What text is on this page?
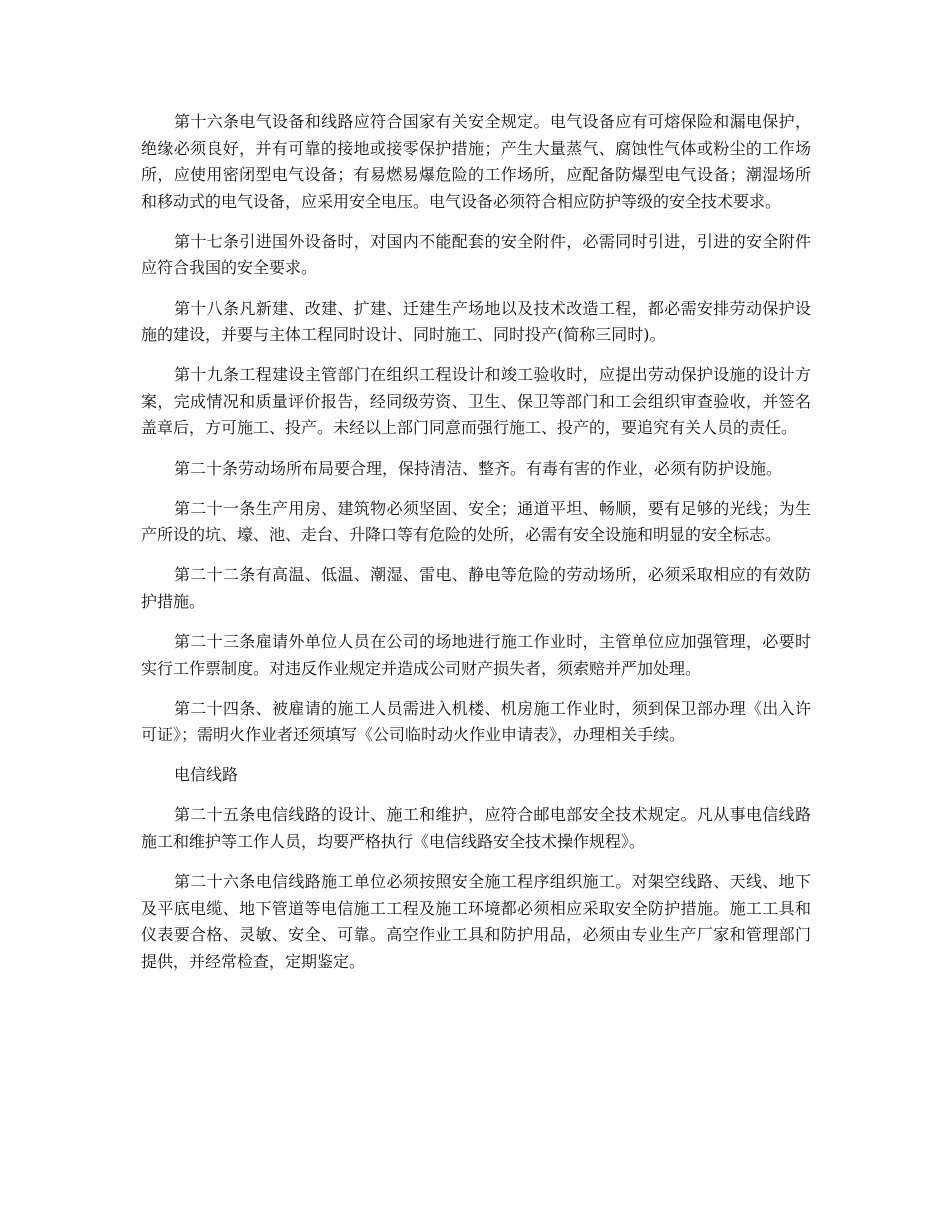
第十六条电气设备和线路应符合国家有关安全规定。电气设备应有可熔保险和漏电保护，绝缘必须良好，并有可靠的接地或接零保护措施；产生大量蒸气、腐蚀性气体或粉尘的工作场所，应使用密闭型电气设备；有易燃易爆危险的工作场所，应配备防爆型电气设备；潮湿场所和移动式的电气设备，应采用安全电压。电气设备必须符合相应防护等级的安全技术要求。

第十七条引进国外设备时，对国内不能配套的安全附件，必需同时引进，引进的安全附件应符合我国的安全要求。

第十八条凡新建、改建、扩建、迁建生产场地以及技术改造工程，都必需安排劳动保护设施的建设，并要与主体工程同时设计、同时施工、同时投产(简称三同时)。

第十九条工程建设主管部门在组织工程设计和竣工验收时，应提出劳动保护设施的设计方案，完成情况和质量评价报告，经同级劳资、卫生、保卫等部门和工会组织审查验收，并签名盖章后，方可施工、投产。未经以上部门同意而强行施工、投产的，要追究有关人员的责任。

第二十条劳动场所布局要合理，保持清洁、整齐。有毒有害的作业，必须有防护设施。

第二十一条生产用房、建筑物必须坚固、安全；通道平坦、畅顺，要有足够的光线；为生产所设的坑、壕、池、走台、升降口等有危险的处所，必需有安全设施和明显的安全标志。

第二十二条有高温、低温、潮湿、雷电、静电等危险的劳动场所，必须采取相应的有效防护措施。

第二十三条雇请外单位人员在公司的场地进行施工作业时，主管单位应加强管理，必要时实行工作票制度。对违反作业规定并造成公司财产损失者，须索赔并严加处理。

第二十四条、被雇请的施工人员需进入机楼、机房施工作业时，须到保卫部办理《出入许可证》；需明火作业者还须填写《公司临时动火作业申请表》，办理相关手续。

电信线路

第二十五条电信线路的设计、施工和维护，应符合邮电部安全技术规定。凡从事电信线路施工和维护等工作人员，均要严格执行《电信线路安全技术操作规程》。

第二十六条电信线路施工单位必须按照安全施工程序组织施工。对架空线路、天线、地下及平底电缆、地下管道等电信施工工程及施工环境都必须相应采取安全防护措施。施工工具和仪表要合格、灵敏、安全、可靠。高空作业工具和防护用品，必须由专业生产厂家和管理部门提供，并经常检查，定期鉴定。
